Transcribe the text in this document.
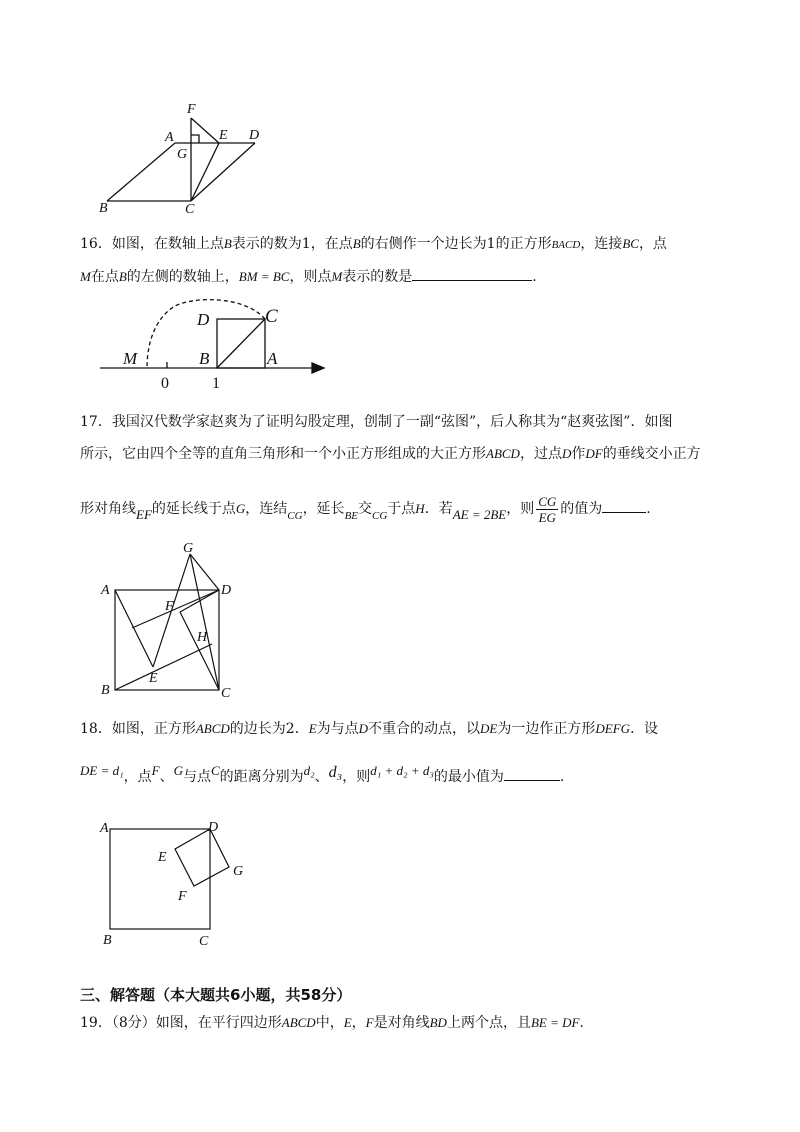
F
A
G
E D
B	C
16．如图，在数轴上点B表示的数为1，在点B的右侧作一个边长为1的正方形BACD，连接BC，点
M在点B的左侧的数轴上，BM = BC，则点M表示的数是	.
D	C
M	B	A
0	1
17．我国汉代数学家赵爽为了证明勾股定理，创制了一副“弦图”，后人称其为“赵爽弦图”．如图
所示，它由四个全等的直角三角形和一个小正方形组成的大正方形ABCD，过点D作DF的垂线交小正方
形对角线EF的延长线于点G，连结$_{CG}$，延长$_{BE}$交$_{CG}$于点H．若AE = 2BE，则 $\frac{CG}{EG}$ 的值为	.
G
A	D
F
H
B
E
C
18．如图，正方形ABCD的边长为2．E为与点D不重合的动点，以DE为一边作正方形DEFG．设
DE = d₁，点F、G与点C的距离分别为d₂、d₃，则d₁ + d₂ + d₃的最小值为	.
A	D
E
G
F
B	C
三、解答题（本大题共6小题，共58分）
19．（8分）如图，在平行四边形ABCD中，E，F是对角线BD上两个点，且BE = DF.
